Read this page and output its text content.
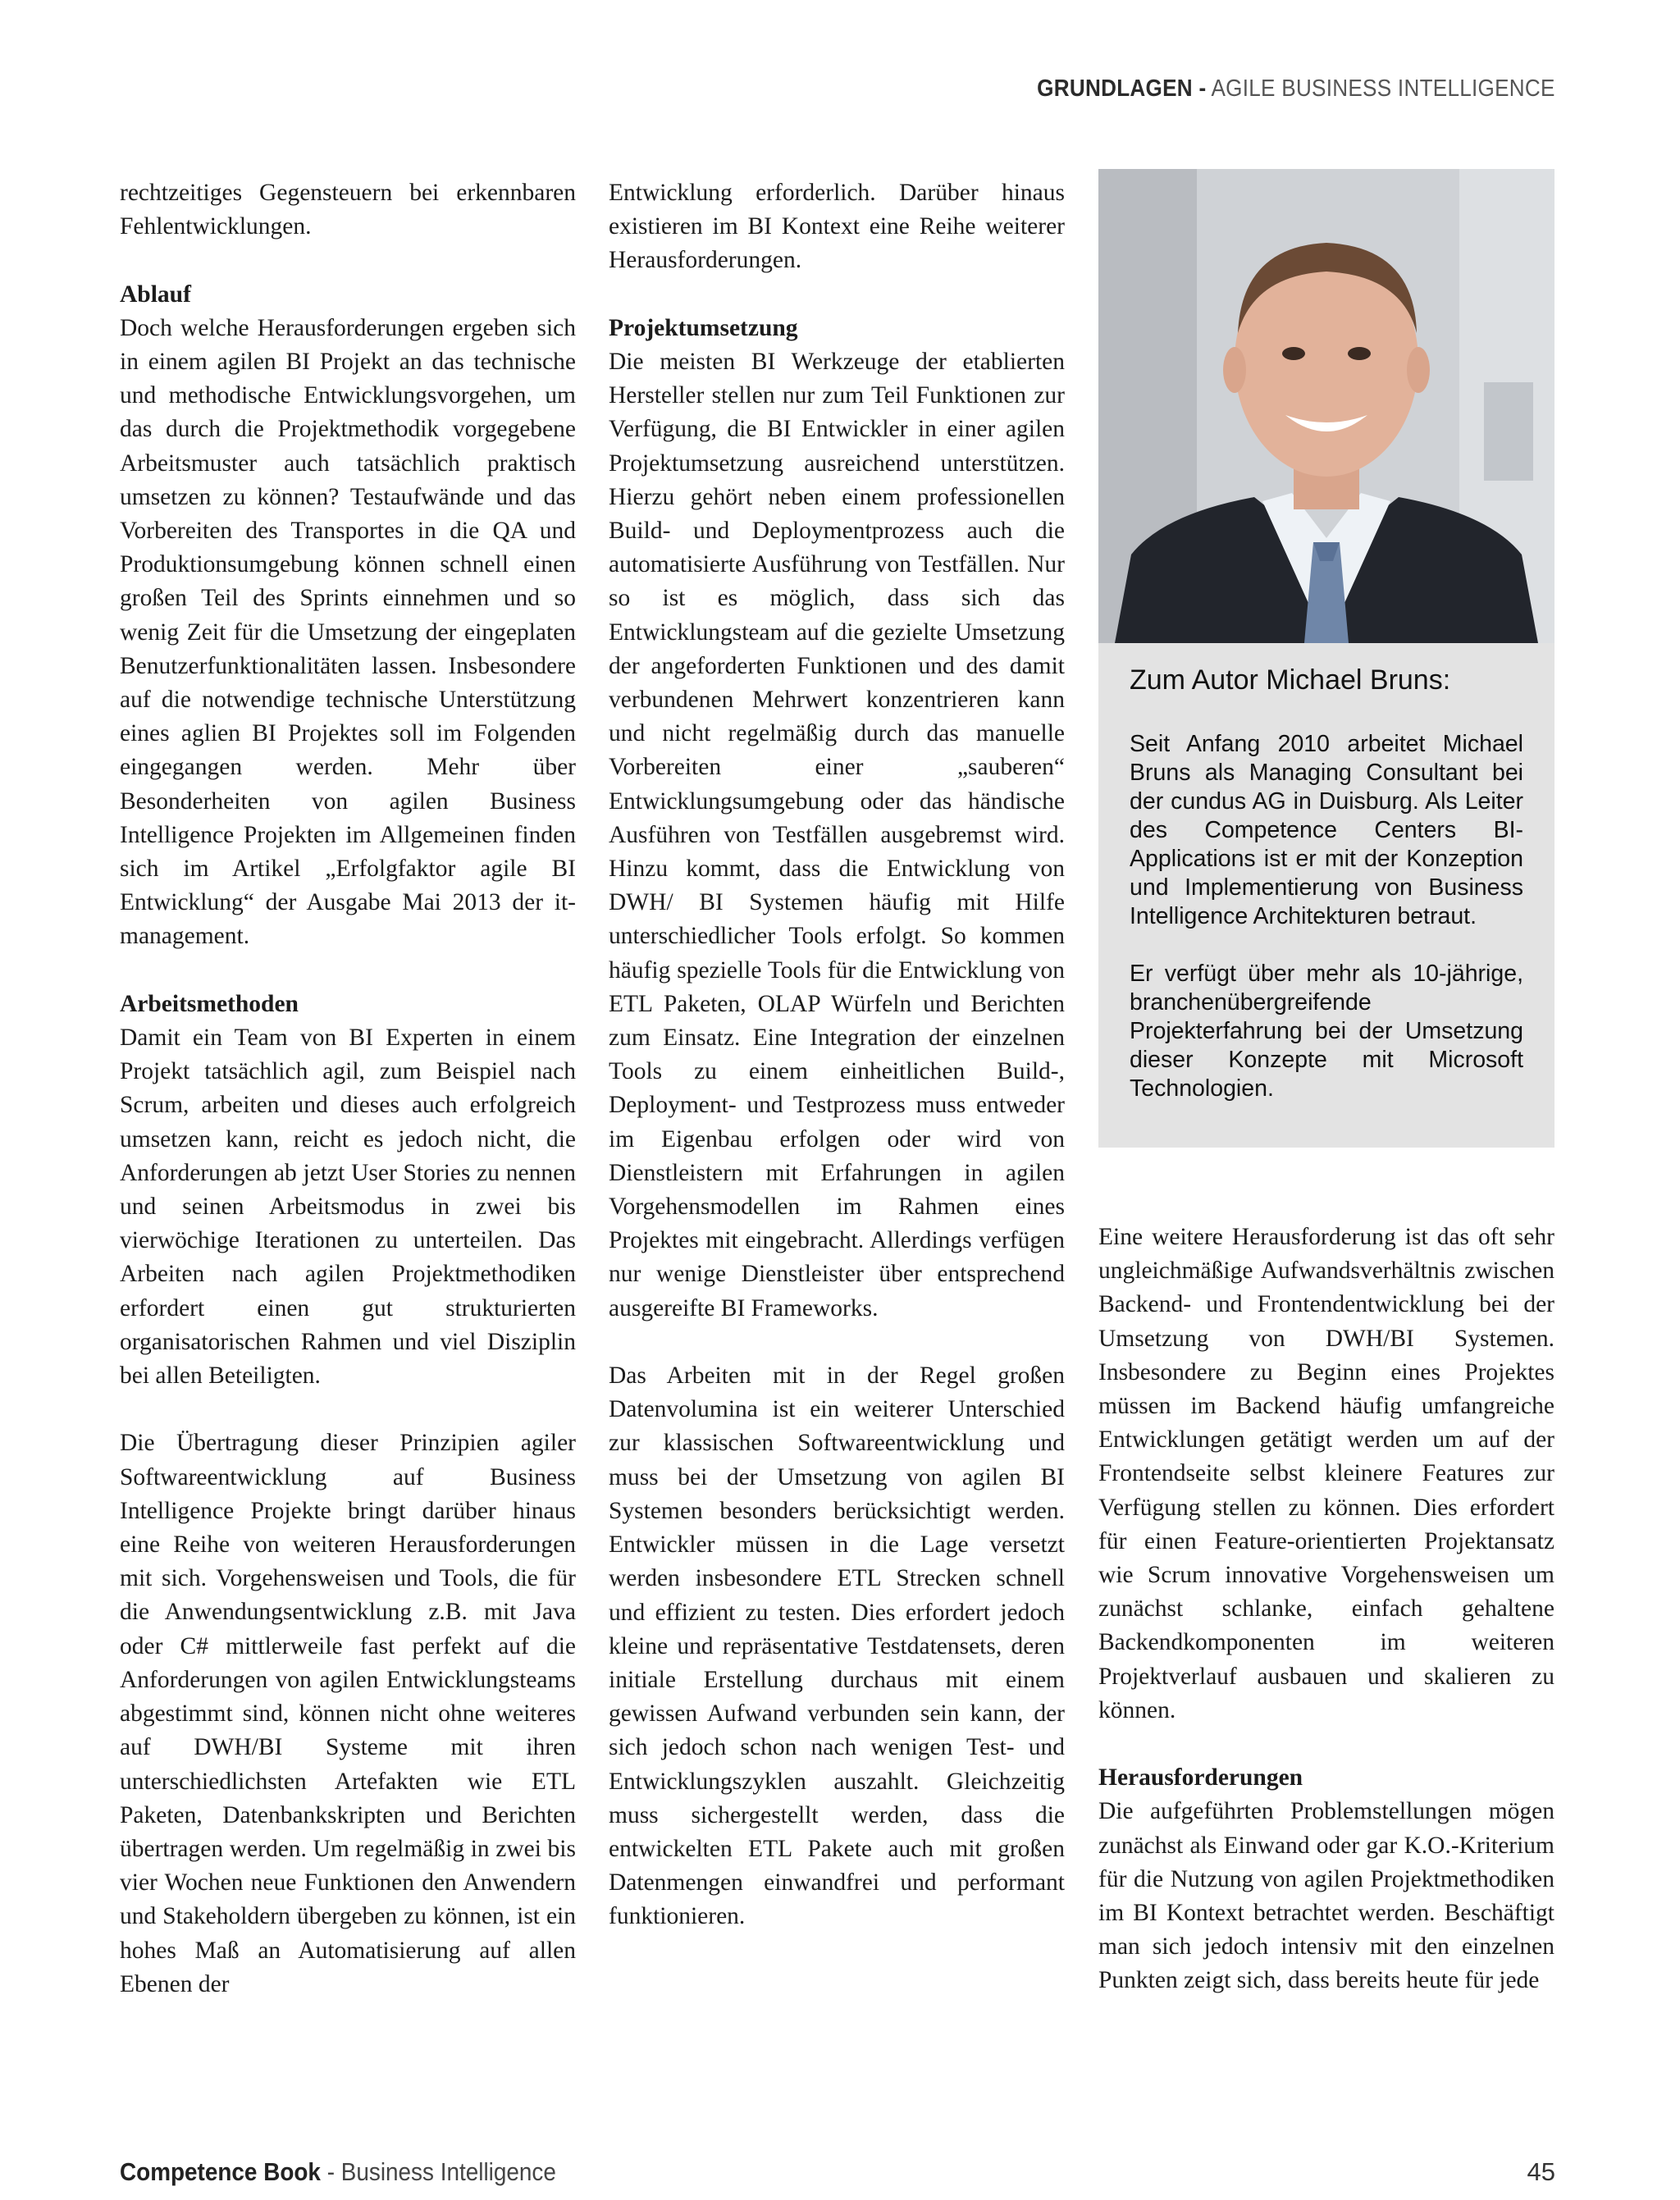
GRUNDLAGEN - AGILE BUSINESS INTELLIGENCE

rechtzeitiges Gegensteuern bei erkennbaren Fehlentwicklungen.

Ablauf

Doch welche Herausforderungen ergeben sich in einem agilen BI Projekt an das technische und methodische Entwicklungsvorgehen, um das durch die Projektmethodik vorgegebene Arbeitsmuster auch tatsächlich praktisch umsetzen zu können? Testaufwände und das Vorbereiten des Transportes in die QA und Produktionsumgebung können schnell einen großen Teil des Sprints einnehmen und so wenig Zeit für die Umsetzung der eingeplaten Benutzerfunktionalitäten lassen. Insbesondere auf die notwendige technische Unterstützung eines aglien BI Projektes soll im Folgenden eingegangen werden. Mehr über Besonderheiten von agilen Business Intelligence Projekten im Allgemeinen finden sich im Artikel „Erfolgfaktor agile BI Entwicklung“ der Ausgabe Mai 2013 der it-management.

Arbeitsmethoden

Damit ein Team von BI Experten in einem Projekt tatsächlich agil, zum Beispiel nach Scrum, arbeiten und dieses auch erfolgreich umsetzen kann, reicht es jedoch nicht, die Anforderungen ab jetzt User Stories zu nennen und seinen Arbeitsmodus in zwei bis vierwöchige Iterationen zu unterteilen. Das Arbeiten nach agilen Projektmethodiken erfordert einen gut strukturierten organisatorischen Rahmen und viel Disziplin bei allen Beteiligten.

Die Übertragung dieser Prinzipien agiler Softwareentwicklung auf Business Intelligence Projekte bringt darüber hinaus eine Reihe von weiteren Herausforderungen mit sich. Vorgehensweisen und Tools, die für die Anwendungsentwicklung z.B. mit Java oder C# mittlerweile fast perfekt auf die Anforderungen von agilen Entwicklungsteams abgestimmt sind, können nicht ohne weiteres auf DWH/BI Systeme mit ihren unterschiedlichsten Artefakten wie ETL Paketen, Datenbankskripten und Berichten übertragen werden. Um regelmäßig in zwei bis vier Wochen neue Funktionen den Anwendern und Stakeholdern übergeben zu können, ist ein hohes Maß an Automatisierung auf allen Ebenen der

Entwicklung erforderlich. Darüber hinaus existieren im BI Kontext eine Reihe weiterer Herausforderungen.

Projektumsetzung

Die meisten BI Werkzeuge der etablierten Hersteller stellen nur zum Teil Funktionen zur Verfügung, die BI Entwickler in einer agilen Projektumsetzung ausreichend unterstützen. Hierzu gehört neben einem professionellen Build- und Deploymentprozess auch die automatisierte Ausführung von Testfällen. Nur so ist es möglich, dass sich das Entwicklungsteam auf die gezielte Umsetzung der angeforderten Funktionen und des damit verbundenen Mehrwert konzentrieren kann und nicht regelmäßig durch das manuelle Vorbereiten einer „sauberen“ Entwicklungsumgebung oder das händische Ausführen von Testfällen ausgebremst wird. Hinzu kommt, dass die Entwicklung von DWH/ BI Systemen häufig mit Hilfe unterschiedlicher Tools erfolgt. So kommen häufig spezielle Tools für die Entwicklung von ETL Paketen, OLAP Würfeln und Berichten zum Einsatz. Eine Integration der einzelnen Tools zu einem einheitlichen Build-, Deployment- und Testprozess muss entweder im Eigenbau erfolgen oder wird von Dienstleistern mit Erfahrungen in agilen Vorgehensmodellen im Rahmen eines Projektes mit eingebracht. Allerdings verfügen nur wenige Dienstleister über entsprechend ausgereifte BI Frameworks.

Das Arbeiten mit in der Regel großen Datenvolumina ist ein weiterer Unterschied zur klassischen Softwareentwicklung und muss bei der Umsetzung von agilen BI Systemen besonders berücksichtigt werden. Entwickler müssen in die Lage versetzt werden insbesondere ETL Strecken schnell und effizient zu testen. Dies erfordert jedoch kleine und repräsentative Testdatensets, deren initiale Erstellung durchaus mit einem gewissen Aufwand verbunden sein kann, der sich jedoch schon nach wenigen Test- und Entwicklungszyklen auszahlt. Gleichzeitig muss sichergestellt werden, dass die entwickelten ETL Pakete auch mit großen Datenmengen einwandfrei und performant funktionieren.

Zum Autor Michael Bruns:

Seit Anfang 2010 arbeitet Michael Bruns als Managing Consultant bei der cundus AG in Duisburg. Als Leiter des Competence Centers BI-Applications ist er mit der Konzeption und Implementierung von Business Intelligence Architekturen betraut.

Er verfügt über mehr als 10-jährige, branchenübergreifende Projekterfahrung bei der Umsetzung dieser Konzepte mit Microsoft Technologien.

Eine weitere Herausforderung ist das oft sehr ungleichmäßige Aufwandsverhältnis zwischen Backend- und Frontendentwicklung bei der Umsetzung von DWH/BI Systemen. Insbesondere zu Beginn eines Projektes müssen im Backend häufig umfangreiche Entwicklungen getätigt werden um auf der Frontendseite selbst kleinere Features zur Verfügung stellen zu können. Dies erfordert für einen Feature-orientierten Projektansatz wie Scrum innovative Vorgehensweisen um zunächst schlanke, einfach gehaltene Backendkomponenten im weiteren Projektverlauf ausbauen und skalieren zu können.

Herausforderungen

Die aufgeführten Problemstellungen mögen zunächst als Einwand oder gar K.O.-Kriterium für die Nutzung von agilen Projektmethodiken im BI Kontext betrachtet werden. Beschäftigt man sich jedoch intensiv mit den einzelnen Punkten zeigt sich, dass bereits heute für jede

Competence Book - Business Intelligence	45
